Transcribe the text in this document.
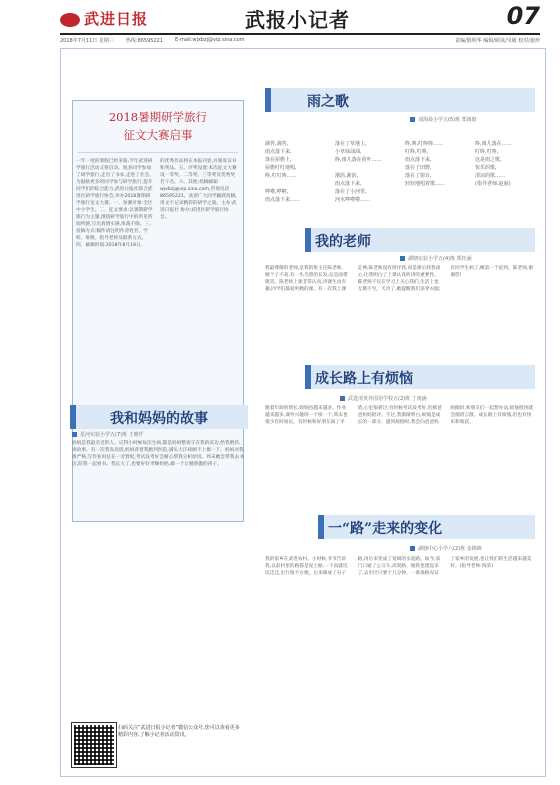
武进日报	武报小记者	07
2018年7月11日 星期三 热线:86595221 E-mail:wjxbzj@vip.sina.com	责编/陈明华 编辑/顾岚/吴敏 校对/施珍
2018暑期研学旅行
征文大赛启事
一年一度的暑假已经来临,今年武进研学旅行活动又将启动。很多同学参加了研学旅行,走出了书本,走进了社会。为鼓励更多的同学参与研学旅行,提升同学们的综合能力,武进日报社联合武进区研学旅行协会,举办2018暑期研学旅行征文大赛。一、参赛对象:全区中小学生。二、征文要求:以暑期研学旅行为主题,围绕研学旅行中的所见所闻所感,写出真情实感,体裁不限。三、投稿方式:稿件请注明作者姓名、学校、班级、指导老师及联系方式。四、截稿时间:2018年8月18日。
的优秀作品将在本报刊登,并颁发证书和奖品。五、评奖设置:本次征文大赛设一等奖、二等奖、三等奖及优秀奖若干名。六、其他:投稿邮箱wjxbzj@vip.sina.com,咨询电话86595221。欢迎广大同学踊跃投稿,用文字记录精彩的研学之旅。主办:武进日报社 协办:武进区研学旅行协会。
我和妈妈的故事
星河实验小学五(7)班 王晴仟
妈妈是我最亲近的人。记得小时候每次生病,都是妈妈整夜守在我的床边,给我喂药、讲故事。有一次我发高烧,妈妈背着我跑到医院,满头大汗却顾不上擦一下。妈妈对我很严格,写作业时总在一旁督促,考试没考好会耐心帮我分析原因。周末她会带我去书店,陪我一起看书。我长大了,也要好好孝顺妈妈,做一个让她骄傲的孩子。
扫码关注“武进日报小记者”微信公众号,您可以查看更多精彩内容,了解小记者活动资讯。
雨之歌
刘海晨小学五(5)班 郑雨晗
滴答,滴答,
雨点落下来,
落在屋檐上,
屋檐叮叮地唱,
咚,叮叮咚……

哗啦,哗啦,
雨点落下来……
落在了草地上,
小草绿油油,
咚,雨儿落在荷叶……

淅沥,淅沥,
雨点落下来,
落在了小河里,
河水哗啦啦……
咚,咚,叮咚咚……
叮咚,叮咚,
雨点落下来,
落在了田野,
落在了窗台,
轻轻地唱着歌……
咚,雨儿落在……
叮咚,叮咚,
这是雨之歌,
快乐的歌,
清凉的歌……
(指导老师:赵丽)
我的老师
湖塘实验小学五(4)班 郑钰涵
我最尊敬的老师,是我的班主任陈老师。她个子不高,有一头乌黑的长发,总是面带微笑。陈老师上课非常认真,讲课生动有趣,同学们都爱听她的课。有一次我上课走神,陈老师没有批评我,而是课后找我谈心,让我明白了上课认真听讲的重要性。陈老师不仅在学习上关心我们,生活上也无微不至。天冷了,她提醒我们多穿衣服;有同学生病了,她第一个赶到。陈老师,谢谢您!
成长路上有烦恼
武进清英外国语学校五(2)班 丁雨涵
随着年龄的增长,烦恼也越来越多。作业越来越多,课外兴趣班一个接一个,周末也很少有时间玩。有时候和好朋友闹了矛盾,心里很难过;有时候考试没考好,怕被爸爸妈妈批评。不过,我渐渐明白,烦恼是成长的一部分。遇到烦恼时,我会向爸爸妈妈倾诉,和朋友们一起想办法,烦恼很快就会烟消云散。成长路上有烦恼,但也有快乐和收获。
一“路”走来的变化
湖塘中心小学六(2)班 金锦锦
我的家乡在武进农村。小时候,爷爷告诉我,以前村里的路都是泥土路,一下雨就坑坑洼洼,出行很不方便。后来修成了石子路,再后来变成了宽阔的水泥路。如今,家门口通了公交车,高架路、地铁也建起来了,去市区只要十几分钟。一条条路见证了家乡的发展,也让我们的生活越来越美好。(指导老师:钱荣)
